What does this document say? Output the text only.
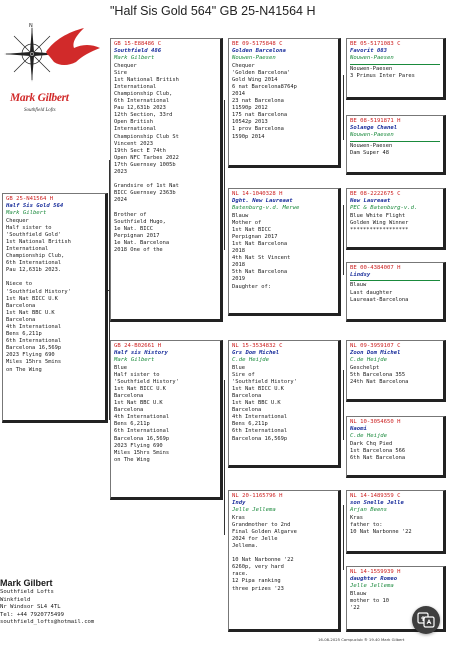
"Half Sis Gold 564" GB 25-N41564 H
N
Mark Gilbert
Southfield Lofts
GB 25-N41564 H
Half Sis Gold 564
Mark Gilbert
Chequer
Half sister to
'Southfield Gold'
1st National British
International
Championship Club,
6th International
Pau 12,631b 2023.
Niece to
'Southfield History'
1st Nat BICC U.K
Barcelona
1st Nat BBC U.K
Barcelona
4th International
Bens 6,211p
6th International
Barcelona 16,569p
2023 Flying 690
Miles 15hrs 5mins
on The Wing
GB 15-E88486 C
Southfield 486
Mark Gilbert
Chequer
Sire
1st National British
International
Championship Club,
6th International
Pau 12,631b 2023
12th Section, 33rd
Open British
International
Championship Club St
Vincent 2023
19th Sect E 74th
Open NFC Tarbes 2022
17th Guernsey 1005b
2023
Grandsire of 1st Nat
BICC Guernsey 2363b
2024
Brother of
Southfield Hugo,
1e Nat. BICC
Perpignan 2017
1e Nat. Barcelona
2018 One of the
GB 24-B02661 H
Half sis History
Mark Gilbert
Blue
Half sister to
'Southfield History'
1st Nat BICC U.K
Barcelona
1st Nat BBC U.K
Barcelona
4th International
Bens 6,211p
6th International
Barcelona 16,569p
2023 Flying 690
Miles 15hrs 5mins
on The Wing
BE 09-5175848 C
Golden Barcelona
Nouwen-Paesen
Chequer
'Golden Barcelona'
Gold Wing 2014
6 nat Barcelona8764p
2014
23 nat Barcelona
11590p 2012
175 nat Barcelona
10542p 2013
1 prov Barcelona
1590p 2014
NL 14-1040328 H
Dght. New Laureaat
Batenburg-v.d. Merwe
Blauw
Mother of
1st Nat BICC
Perpignan 2017
1st Nat Barcelona
2018
4th Nat St Vincent
2018
5th Nat Barcelona
2019
Daughter of:
NL 15-3534832 C
Grs Dom Michel
C.de Heijde
Blue
Sire of
'Southfield History'
1st Nat BICC U.K
Barcelona
1st Nat BBC U.K
Barcelona
4th International
Bens 6,211p
6th International
Barcelona 16,569p
NL 20-1165796 H
Indy
Jelle Jellema
Kras
Grandmother to 2nd
Final Golden Algarve
2024 for Jelle
Jellema.
10 Nat Narbonne '22
6260p, very hard
race.
12 Pipa ranking
three prizes '23
BE 05-5171083 C
Favorit 083
Nouwen-Paesen
Nouwen-Paesen
3 Primus Inter Pares
BE 08-5191871 H
Solange Chanel
Nouwen-Paesen
Nouwen-Paesen
Dam Super 48
BE 08-2222675 C
New Laureaat
PEC & Batenburg-v.d.
Blue White Flight
Golden Wing Winner
******************
BE 00-4384007 H
Lindsy
Blauw
Last daughter
Laureaat-Barcelona
NL 09-3959107 C
Zoon Dom Michel
C.de Heijde
Geschelpt
5th Barcelona 355
24th Nat Barcelona
NL 10-3054650 H
Naomi
C.de Heijde
Dark Chq Pied
1st Barcelona 566
6th Nat Barcelona
NL 14-1489359 C
son Snelle Jelle
Arjan Beens
Kras
father to:
10 Nat Narbonne '22
NL 14-1559939 H
daughter Romeo
Jelle Jellema
Blauw
mother to 10
'22
Mark Gilbert
Southfield Lofts
Winkfield
Nr Windsor SL4 4TL
Tel: +44 7920775499
southfield_lofts@hotmail.com
16-08-2025 Compuclub ® 19.40 Mark Gilbert
